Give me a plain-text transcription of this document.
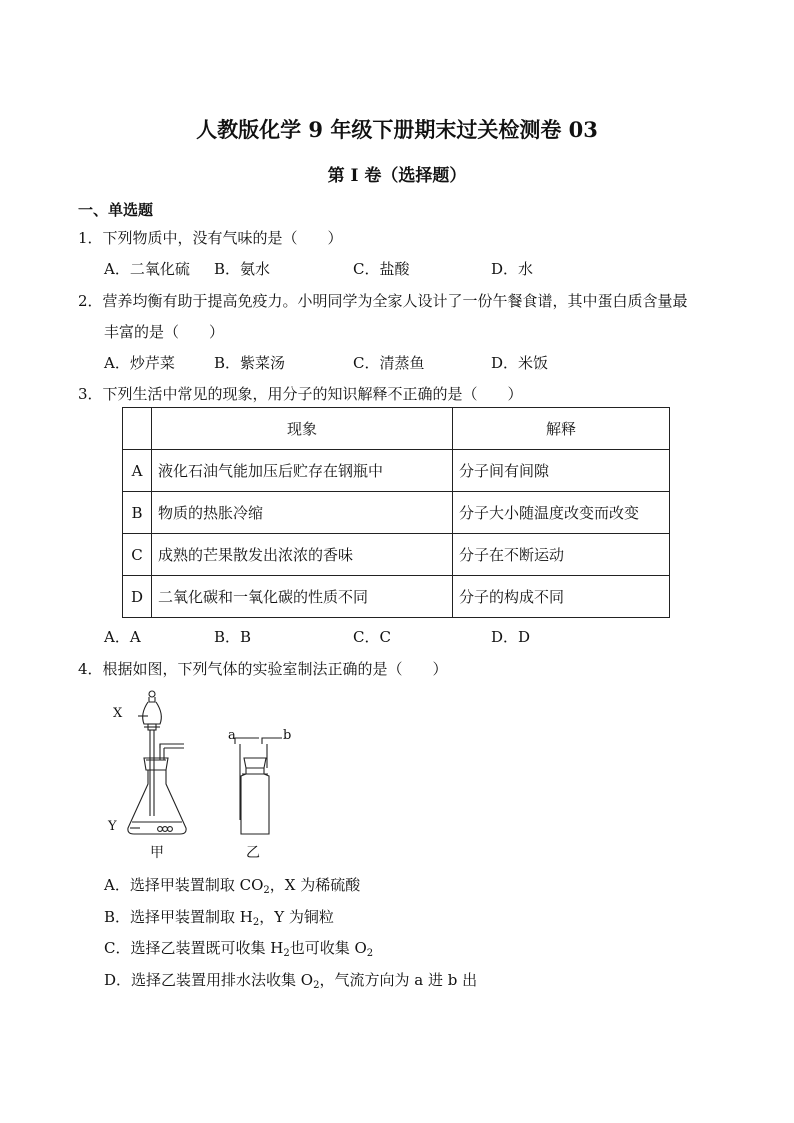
人教版化学 9 年级下册期末过关检测卷 03
第 I 卷（选择题）
一、单选题
1．下列物质中，没有气味的是（　　）
A．二氧化硫 B．氨水	C．盐酸	D．水
2．营养均衡有助于提高免疫力。小明同学为全家人设计了一份午餐食谱，其中蛋白质含量最
丰富的是（　　）
A．炒芹菜	B．紫菜汤	C．清蒸鱼	D．米饭
3．下列生活中常见的现象，用分子的知识解释不正确的是（　　）
	现象	解释
A	液化石油气能加压后贮存在钢瓶中	分子间有间隙
B	物质的热胀冷缩	分子大小随温度改变而改变
C	成熟的芒果散发出浓浓的香味	分子在不断运动
D	二氧化碳和一氧化碳的性质不同	分子的构成不同
A．A	B．B	C．C	D．D
4．根据如图，下列气体的实验室制法正确的是（　　）
X
Y
a	b
甲	乙
A．选择甲装置制取 $CO_2$，X 为稀硫酸
B．选择甲装置制取 $H_2$，Y 为铜粒
C．选择乙装置既可收集 $H_2$也可收集 $O_2$
D．选择乙装置用排水法收集 $O_2$，气流方向为 a 进 b 出
